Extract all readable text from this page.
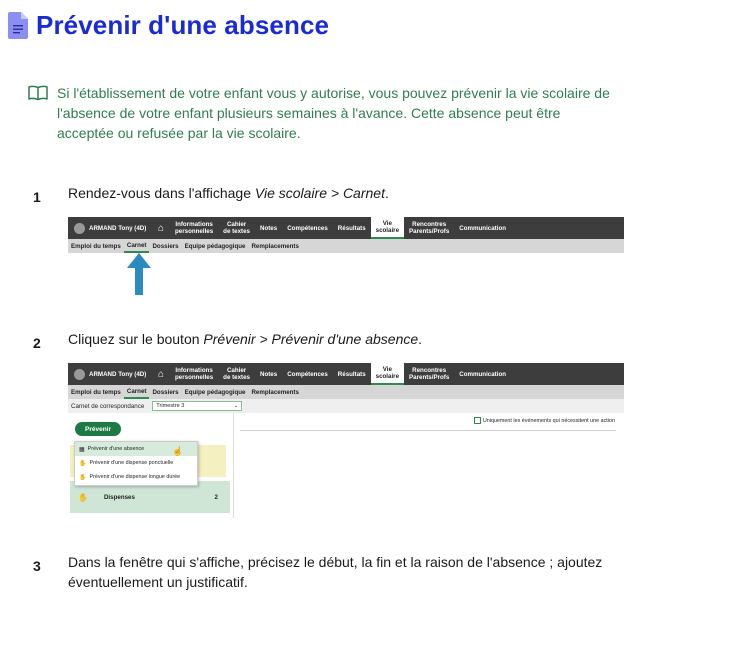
Prévenir d'une absence
Si l'établissement de votre enfant vous y autorise, vous pouvez prévenir la vie scolaire de l'absence de votre enfant plusieurs semaines à l'avance. Cette absence peut être acceptée ou refusée par la vie scolaire.
1 Rendez-vous dans l'affichage Vie scolaire > Carnet.
ARMAND Tony (4D)	⌂	Informations
personnelles
Cahier
de textes Notes Compétences Résultats
Vie
scolaire
Rencontres
Parents/Profs Communication
Emploi du temps Carnet Dossiers Equipe pédagogique Remplacements
2 Cliquez sur le bouton Prévenir > Prévenir d'une absence.
ARMAND Tony (4D)	⌂	Informations
personnelles
Cahier
de textes Notes Compétences Résultats
Vie
scolaire
Rencontres
Parents/Profs Communication
Emploi du temps Carnet Dossiers Equipe pédagogique Remplacements
Carnet de correspondance Trimestre 3	⌄
Prévenir
✋	Dispenses	2
▦ Prévenir d'une absence
✋ Prévenir d'une dispense ponctuelle
✋ Prévenir d'une dispense longue durée
☝
Uniquement les événements qui nécessitent une action
3 Dans la fenêtre qui s'affiche, précisez le début, la fin et la raison de l'absence ; ajoutez éventuellement un justificatif.
